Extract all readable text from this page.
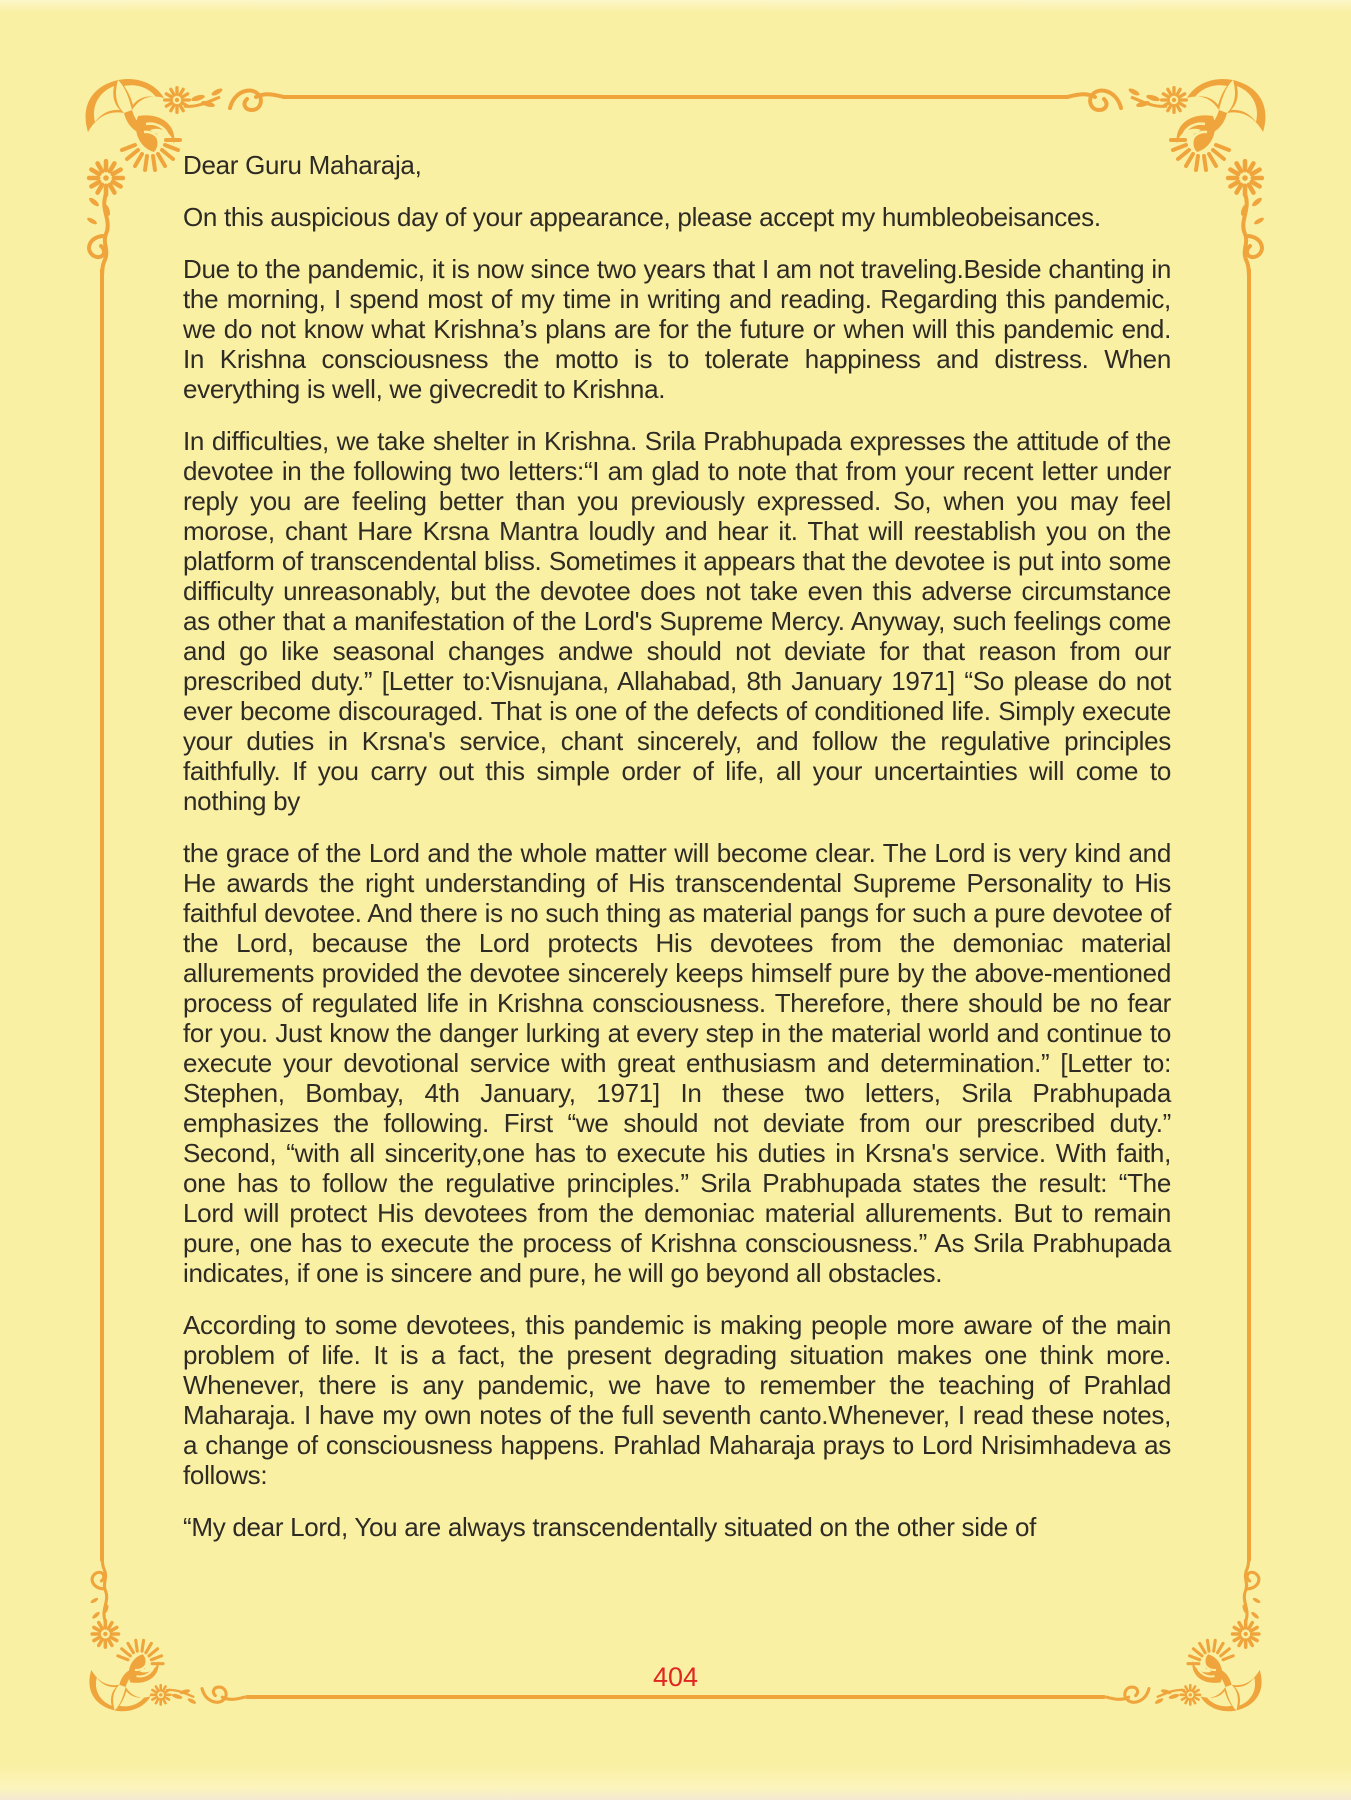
Dear Guru Maharaja,

On this auspicious day of your appearance, please accept my humbleobeisances.

Due to the pandemic, it is now since two years that I am not traveling.Beside chanting in the morning, I spend most of my time in writing and reading. Regarding this pandemic, we do not know what Krishna’s plans are for the future or when will this pandemic end. In Krishna consciousness the motto is to tolerate happiness and distress. When everything is well, we givecredit to Krishna.

In difficulties, we take shelter in Krishna. Srila Prabhupada expresses the attitude of the devotee in the following two letters:“I am glad to note that from your recent letter under reply you are feeling better than you previously expressed. So, when you may feel morose, chant Hare Krsna Mantra loudly and hear it. That will reestablish you on the platform of transcendental bliss. Sometimes it appears that the devotee is put into some difficulty unreasonably, but the devotee does not take even this adverse circumstance as other that a manifestation of the Lord's Supreme Mercy. Anyway, such feelings come and go like seasonal changes andwe should not deviate for that reason from our prescribed duty.” [Letter to:Visnujana, Allahabad, 8th January 1971] “So please do not ever become discouraged. That is one of the defects of conditioned life. Simply execute your duties in Krsna's service, chant sincerely, and follow the regulative principles faithfully. If you carry out this simple order of life, all your uncertainties will come to nothing by

the grace of the Lord and the whole matter will become clear. The Lord is very kind and He awards the right understanding of His transcendental Supreme Personality to His faithful devotee. And there is no such thing as material pangs for such a pure devotee of the Lord, because the Lord protects His devotees from the demoniac material allurements provided the devotee sincerely keeps himself pure by the above-mentioned process of regulated life in Krishna consciousness. Therefore, there should be no fear for you. Just know the danger lurking at every step in the material world and continue to execute your devotional service with great enthusiasm and determination.” [Letter to: Stephen, Bombay, 4th January, 1971] In these two letters, Srila Prabhupada emphasizes the following. First “we should not deviate from our prescribed duty.” Second, “with all sincerity,one has to execute his duties in Krsna's service. With faith, one has to follow the regulative principles.” Srila Prabhupada states the result: “The Lord will protect His devotees from the demoniac material allurements. But to remain pure, one has to execute the process of Krishna consciousness.” As Srila Prabhupada indicates, if one is sincere and pure, he will go beyond all obstacles.

According to some devotees, this pandemic is making people more aware of the main problem of life. It is a fact, the present degrading situation makes one think more. Whenever, there is any pandemic, we have to remember the teaching of Prahlad Maharaja. I have my own notes of the full seventh canto.Whenever, I read these notes, a change of consciousness happens. Prahlad Maharaja prays to Lord Nrisimhadeva as follows:

“My dear Lord, You are always transcendentally situated on the other side of

404
